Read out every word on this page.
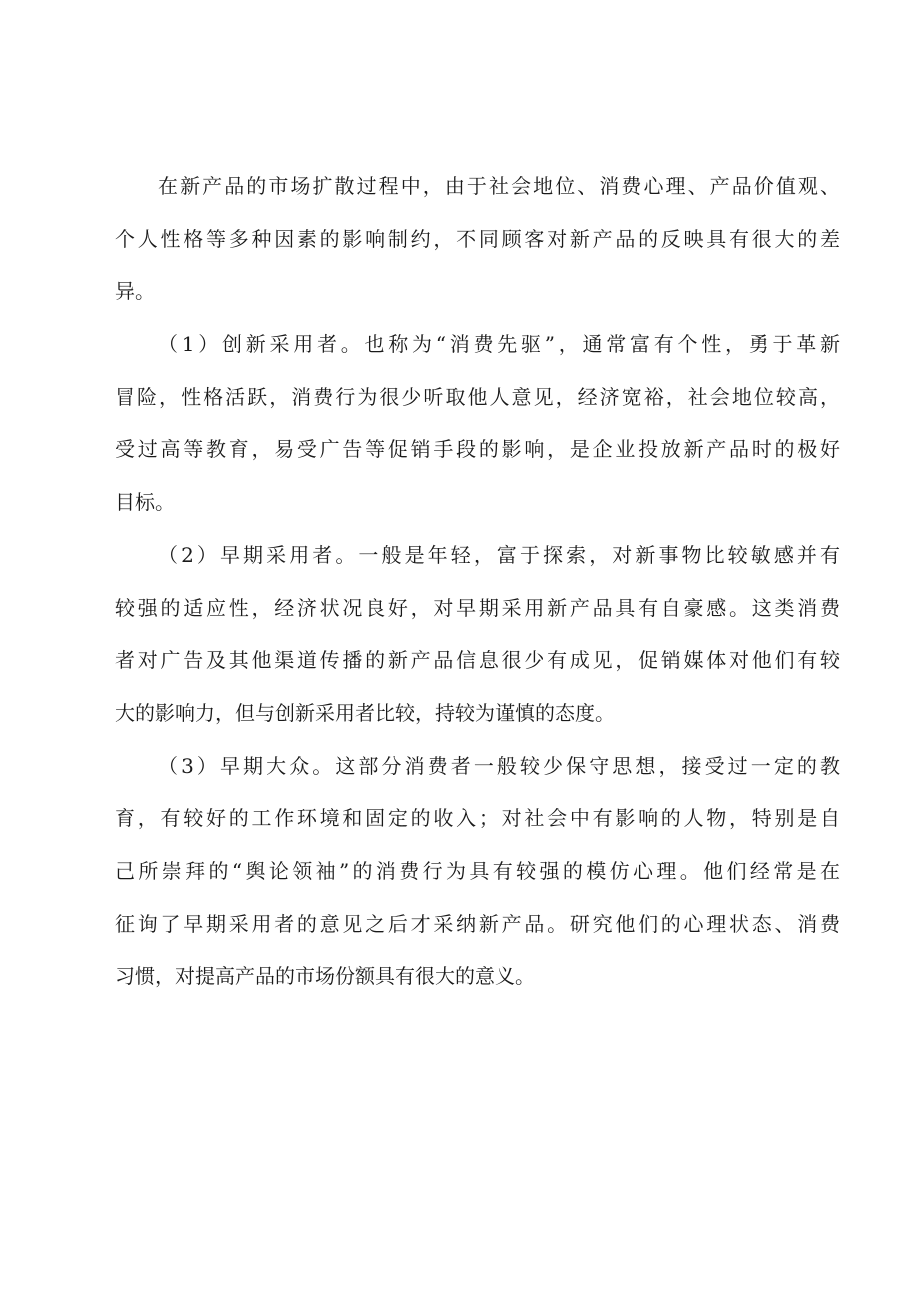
在新产品的市场扩散过程中，由于社会地位、消费心理、产品价值观、
个人性格等多种因素的影响制约，不同顾客对新产品的反映具有很大的差
异。
（1）创新采用者。也称为“消费先驱”，通常富有个性，勇于革新
冒险，性格活跃，消费行为很少听取他人意见，经济宽裕，社会地位较高，
受过高等教育，易受广告等促销手段的影响，是企业投放新产品时的极好
目标。
（2）早期采用者。一般是年轻，富于探索，对新事物比较敏感并有
较强的适应性，经济状况良好，对早期采用新产品具有自豪感。这类消费
者对广告及其他渠道传播的新产品信息很少有成见，促销媒体对他们有较
大的影响力，但与创新采用者比较，持较为谨慎的态度。
（3）早期大众。这部分消费者一般较少保守思想，接受过一定的教
育，有较好的工作环境和固定的收入；对社会中有影响的人物，特别是自
己所崇拜的“舆论领袖”的消费行为具有较强的模仿心理。他们经常是在
征询了早期采用者的意见之后才采纳新产品。研究他们的心理状态、消费
习惯，对提高产品的市场份额具有很大的意义。
